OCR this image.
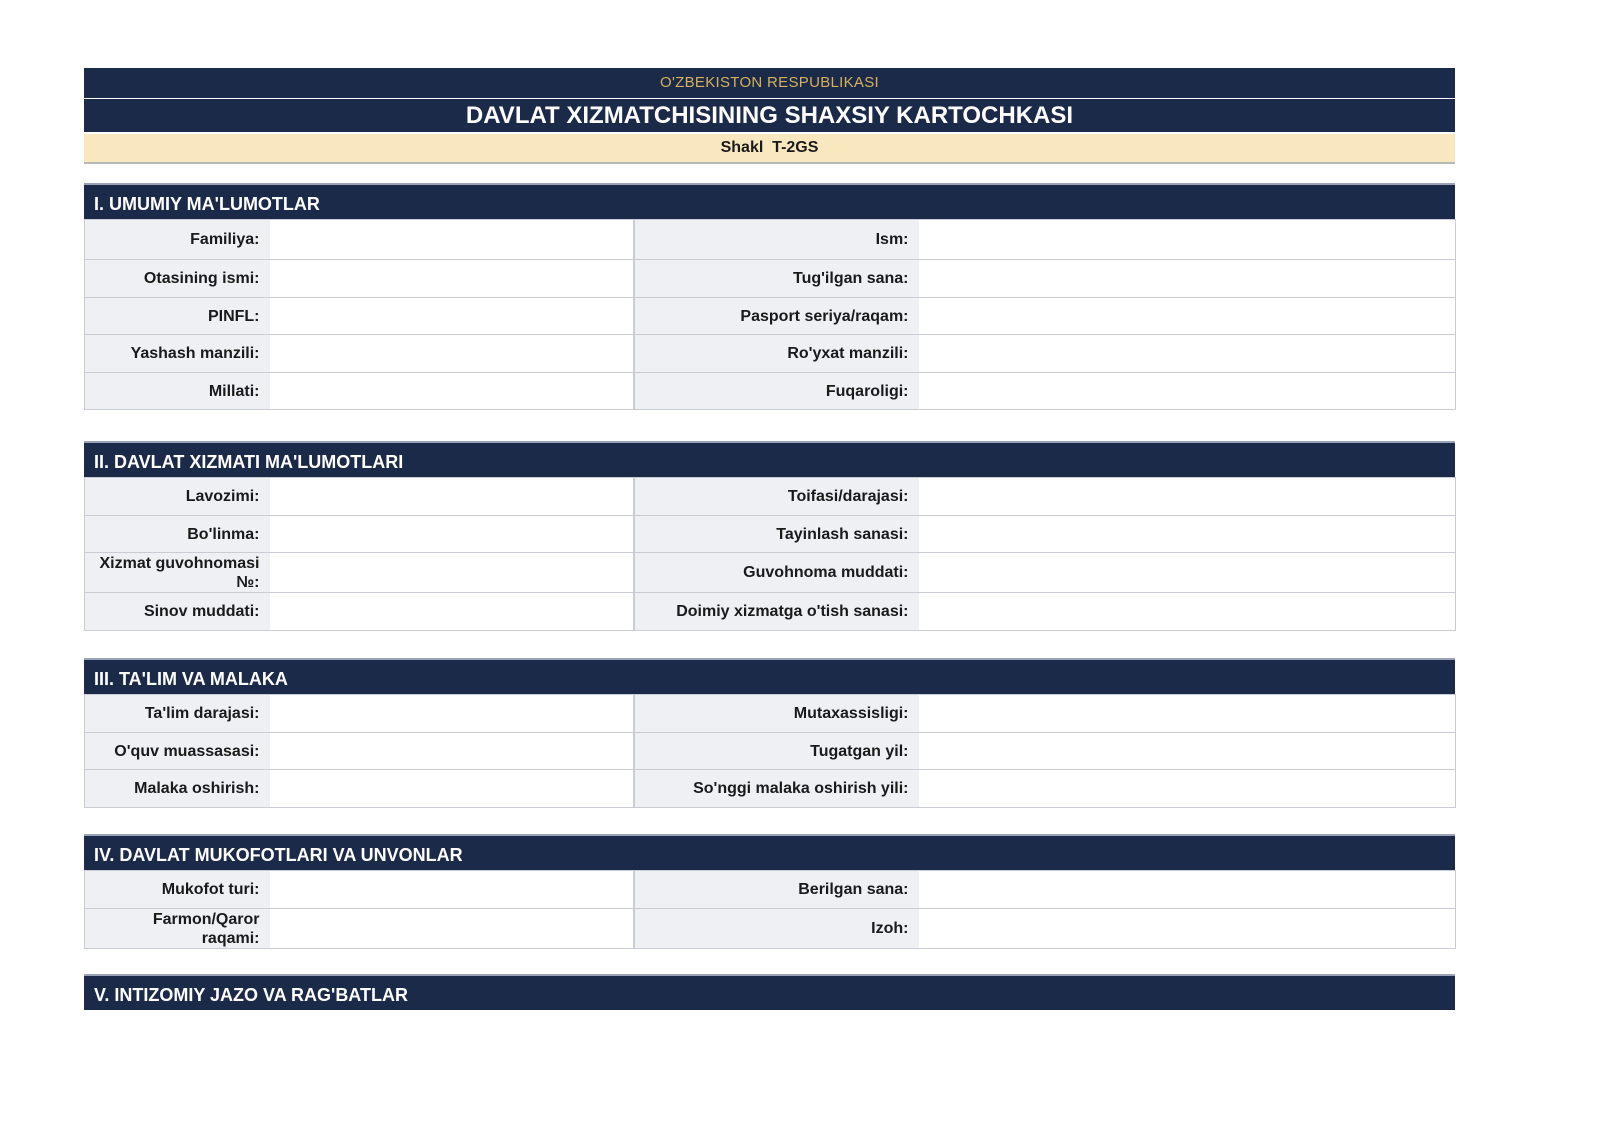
O'ZBEKISTON RESPUBLIKASI
DAVLAT XIZMATCHISINING SHAXSIY KARTOCHKASI
Shakl  T-2GS
I. UMUMIY MA'LUMOTLAR
Familiya:		Ism:	
Otasining ismi:		Tug'ilgan sana:	
PINFL:		Pasport seriya/raqam:	
Yashash manzili:		Ro'yxat manzili:	
Millati:		Fuqaroligi:	
II. DAVLAT XIZMATI MA'LUMOTLARI
Lavozimi:		Toifasi/darajasi:	
Bo'linma:		Tayinlash sanasi:	
Xizmat guvohnomasi №:		Guvohnoma muddati:	
Sinov muddati:		Doimiy xizmatga o'tish sanasi:	
III. TA'LIM VA MALAKA
Ta'lim darajasi:		Mutaxassisligi:	
O'quv muassasasi:		Tugatgan yil:	
Malaka oshirish:		So'nggi malaka oshirish yili:	
IV. DAVLAT MUKOFOTLARI VA UNVONLAR
Mukofot turi:		Berilgan sana:	
Farmon/Qaror raqami:		Izoh:	
V. INTIZOMIY JAZO VA RAG'BATLAR
